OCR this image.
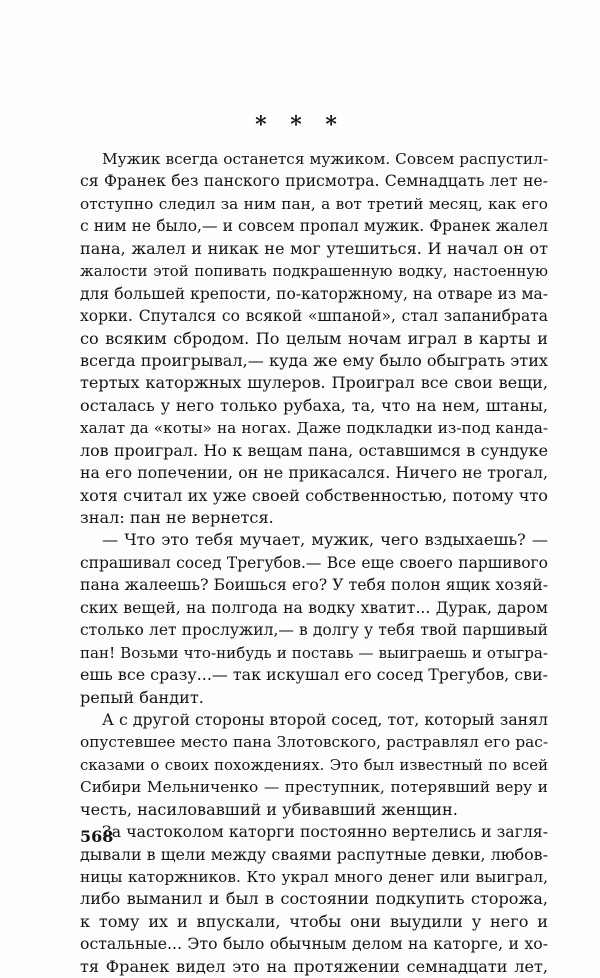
* * *
Мужик всегда останется мужиком. Совсем распустил-
ся Франек без панского присмотра. Семнадцать лет не-
отступно следил за ним пан, а вот третий месяц, как его
с ним не было,— и совсем пропал мужик. Франек жалел
пана, жалел и никак не мог утешиться. И начал он от
жалости этой попивать подкрашенную водку, настоенную
для большей крепости, по-каторжному, на отваре из ма-
хорки. Спутался со всякой «шпаной», стал запанибрата
со всяким сбродом. По целым ночам играл в карты и
всегда проигрывал,— куда же ему было обыграть этих
тертых каторжных шулеров. Проиграл все свои вещи,
осталась у него только рубаха, та, что на нем, штаны,
халат да «коты» на ногах. Даже подкладки из-под канда-
лов проиграл. Но к вещам пана, оставшимся в сундуке
на его попечении, он не прикасался. Ничего не трогал,
хотя считал их уже своей собственностью, потому что
знал: пан не вернется.
— Что это тебя мучает, мужик, чего вздыхаешь? —
спрашивал сосед Трегубов.— Все еще своего паршивого
пана жалеешь? Боишься его? У тебя полон ящик хозяй-
ских вещей, на полгода на водку хватит... Дурак, даром
столько лет прослужил,— в долгу у тебя твой паршивый
пан! Возьми что-нибудь и поставь — выиграешь и отыгра-
ешь все сразу...— так искушал его сосед Трегубов, сви-
репый бандит.
А с другой стороны второй сосед, тот, который занял
опустевшее место пана Злотовского, растравлял его рас-
сказами о своих похождениях. Это был известный по всей
Сибири Мельниченко — преступник, потерявший веру и
честь, насиловавший и убивавший женщин.
За частоколом каторги постоянно вертелись и загля-
дывали в щели между сваями распутные девки, любов-
ницы каторжников. Кто украл много денег или выиграл,
либо выманил и был в состоянии подкупить сторожа,
к тому их и впускали, чтобы они выудили у него и
остальные... Это было обычным делом на каторге, и хо-
тя Франек видел это на протяжении семнадцати лет,
568
